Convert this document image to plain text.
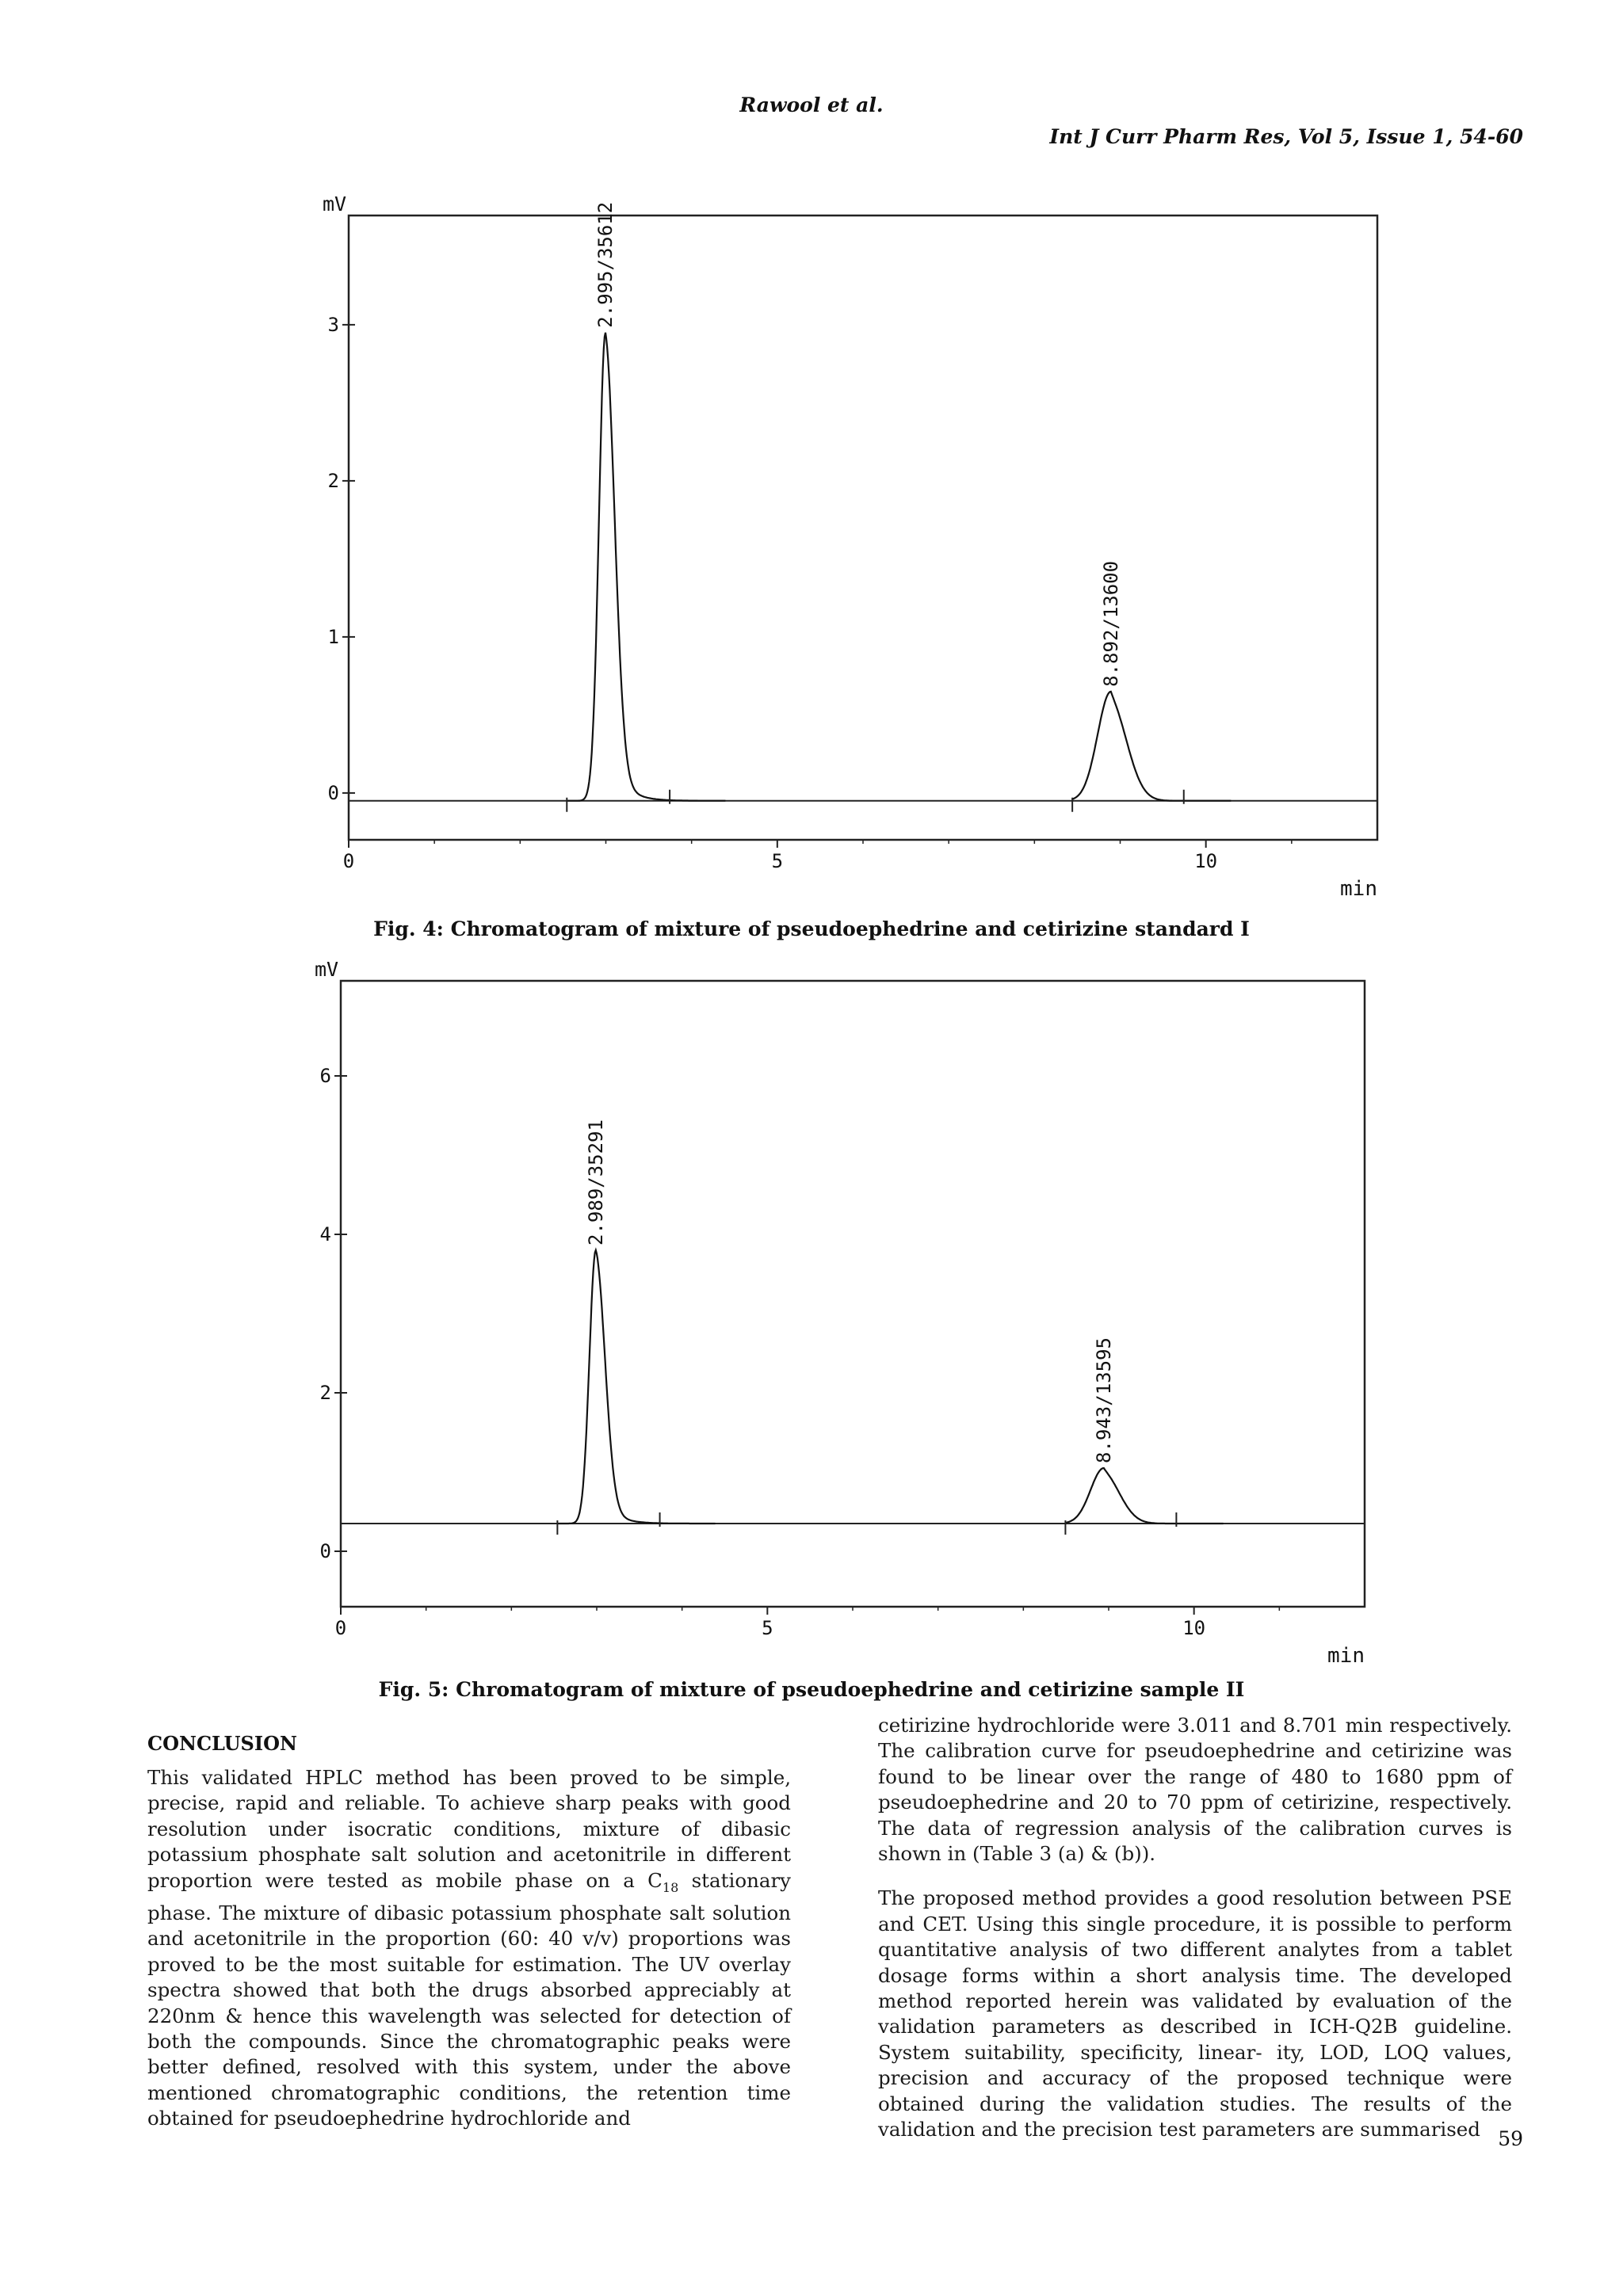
Rawool et al.
Int J Curr Pharm Res, Vol 5, Issue 1, 54-60
mV
0
1
2
3
0	5	10
min
2.995/35612
8.892/13600
Fig. 4: Chromatogram of mixture of pseudoephedrine and cetirizine standard I
mV
0
2
4
6
0	5	10
min
2.989/35291
8.943/13595
Fig. 5: Chromatogram of mixture of pseudoephedrine and cetirizine sample II
CONCLUSION

This validated HPLC method has been proved to be simple, precise, rapid and reliable. To achieve sharp peaks with good resolution under isocratic conditions, mixture of dibasic potassium phosphate salt solution and acetonitrile in different proportion were tested as mobile phase on a $C_{18}$ stationary phase. The mixture of dibasic potassium phosphate salt solution and acetonitrile in the proportion (60: 40 v/v) proportions was proved to be the most suitable for estimation. The UV overlay spectra showed that both the drugs absorbed appreciably at 220nm & hence this wavelength was selected for detection of both the compounds. Since the chromatographic peaks were better defined, resolved with this system, under the above mentioned chromatographic conditions, the retention time obtained for pseudoephedrine hydrochloride and

cetirizine hydrochloride were 3.011 and 8.701 min respectively. The calibration curve for pseudoephedrine and cetirizine was found to be linear over the range of 480 to 1680 ppm of pseudoephedrine and 20 to 70 ppm of cetirizine, respectively. The data of regression analysis of the calibration curves is shown in (Table 3 (a) & (b)).

The proposed method provides a good resolution between PSE and CET. Using this single procedure, it is possible to perform quantitative analysis of two different analytes from a tablet dosage forms within a short analysis time. The developed method reported herein was validated by evaluation of the validation parameters as described in ICH-Q2B guideline. System suitability, specificity, linear- ity, LOD, LOQ values, precision and accuracy of the proposed technique were obtained during the validation studies. The results of the validation and the precision test parameters are summarised 59
